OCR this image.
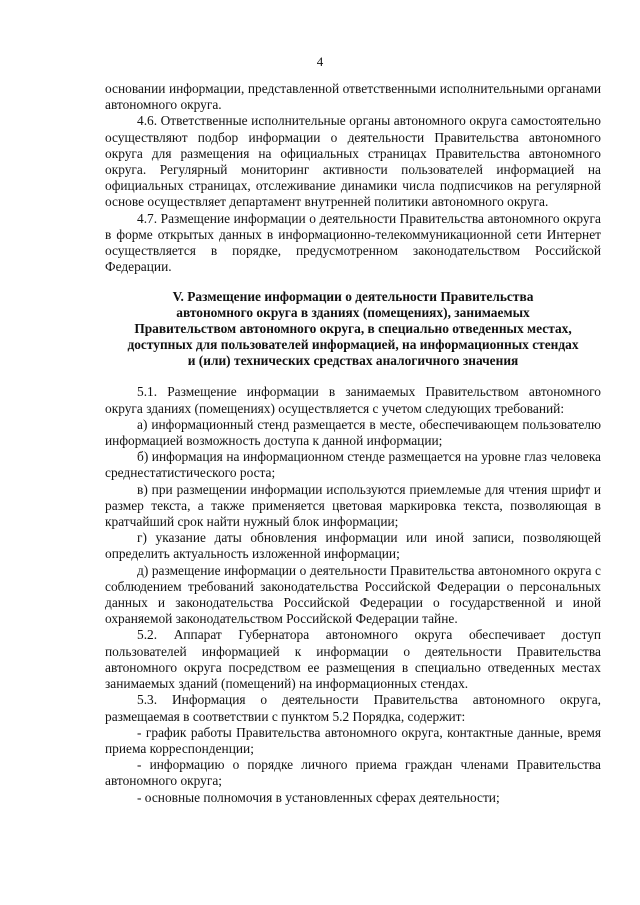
4

основании информации, представленной ответственными исполнительными органами автономного округа.

4.6. Ответственные исполнительные органы автономного округа самостоятельно осуществляют подбор информации о деятельности Правительства автономного округа для размещения на официальных страницах Правительства автономного округа. Регулярный мониторинг активности пользователей информацией на официальных страницах, отслеживание динамики числа подписчиков на регулярной основе осуществляет департамент внутренней политики автономного округа.

4.7. Размещение информации о деятельности Правительства автономного округа в форме открытых данных в информационно-телекоммуникационной сети Интернет осуществляется в порядке, предусмотренном законодательством Российской Федерации.

V. Размещение информации о деятельности Правительства
автономного округа в зданиях (помещениях), занимаемых
Правительством автономного округа, в специально отведенных местах,
доступных для пользователей информацией, на информационных стендах
и (или) технических средствах аналогичного значения

5.1. Размещение информации в занимаемых Правительством автономного округа зданиях (помещениях) осуществляется с учетом следующих требований:

а) информационный стенд размещается в месте, обеспечивающем пользователю информацией возможность доступа к данной информации;

б) информация на информационном стенде размещается на уровне глаз человека среднестатистического роста;

в) при размещении информации используются приемлемые для чтения шрифт и размер текста, а также применяется цветовая маркировка текста, позволяющая в кратчайший срок найти нужный блок информации;

г) указание даты обновления информации или иной записи, позволяющей определить актуальность изложенной информации;

д) размещение информации о деятельности Правительства автономного округа с соблюдением требований законодательства Российской Федерации о персональных данных и законодательства Российской Федерации о государственной и иной охраняемой законодательством Российской Федерации тайне.

5.2. Аппарат Губернатора автономного округа обеспечивает доступ пользователей информацией к информации о деятельности Правительства автономного округа посредством ее размещения в специально отведенных местах занимаемых зданий (помещений) на информационных стендах.

5.3. Информация о деятельности Правительства автономного округа, размещаемая в соответствии с пунктом 5.2 Порядка, содержит:

- график работы Правительства автономного округа, контактные данные, время приема корреспонденции;

- информацию о порядке личного приема граждан членами Правительства автономного округа;

- основные полномочия в установленных сферах деятельности;
